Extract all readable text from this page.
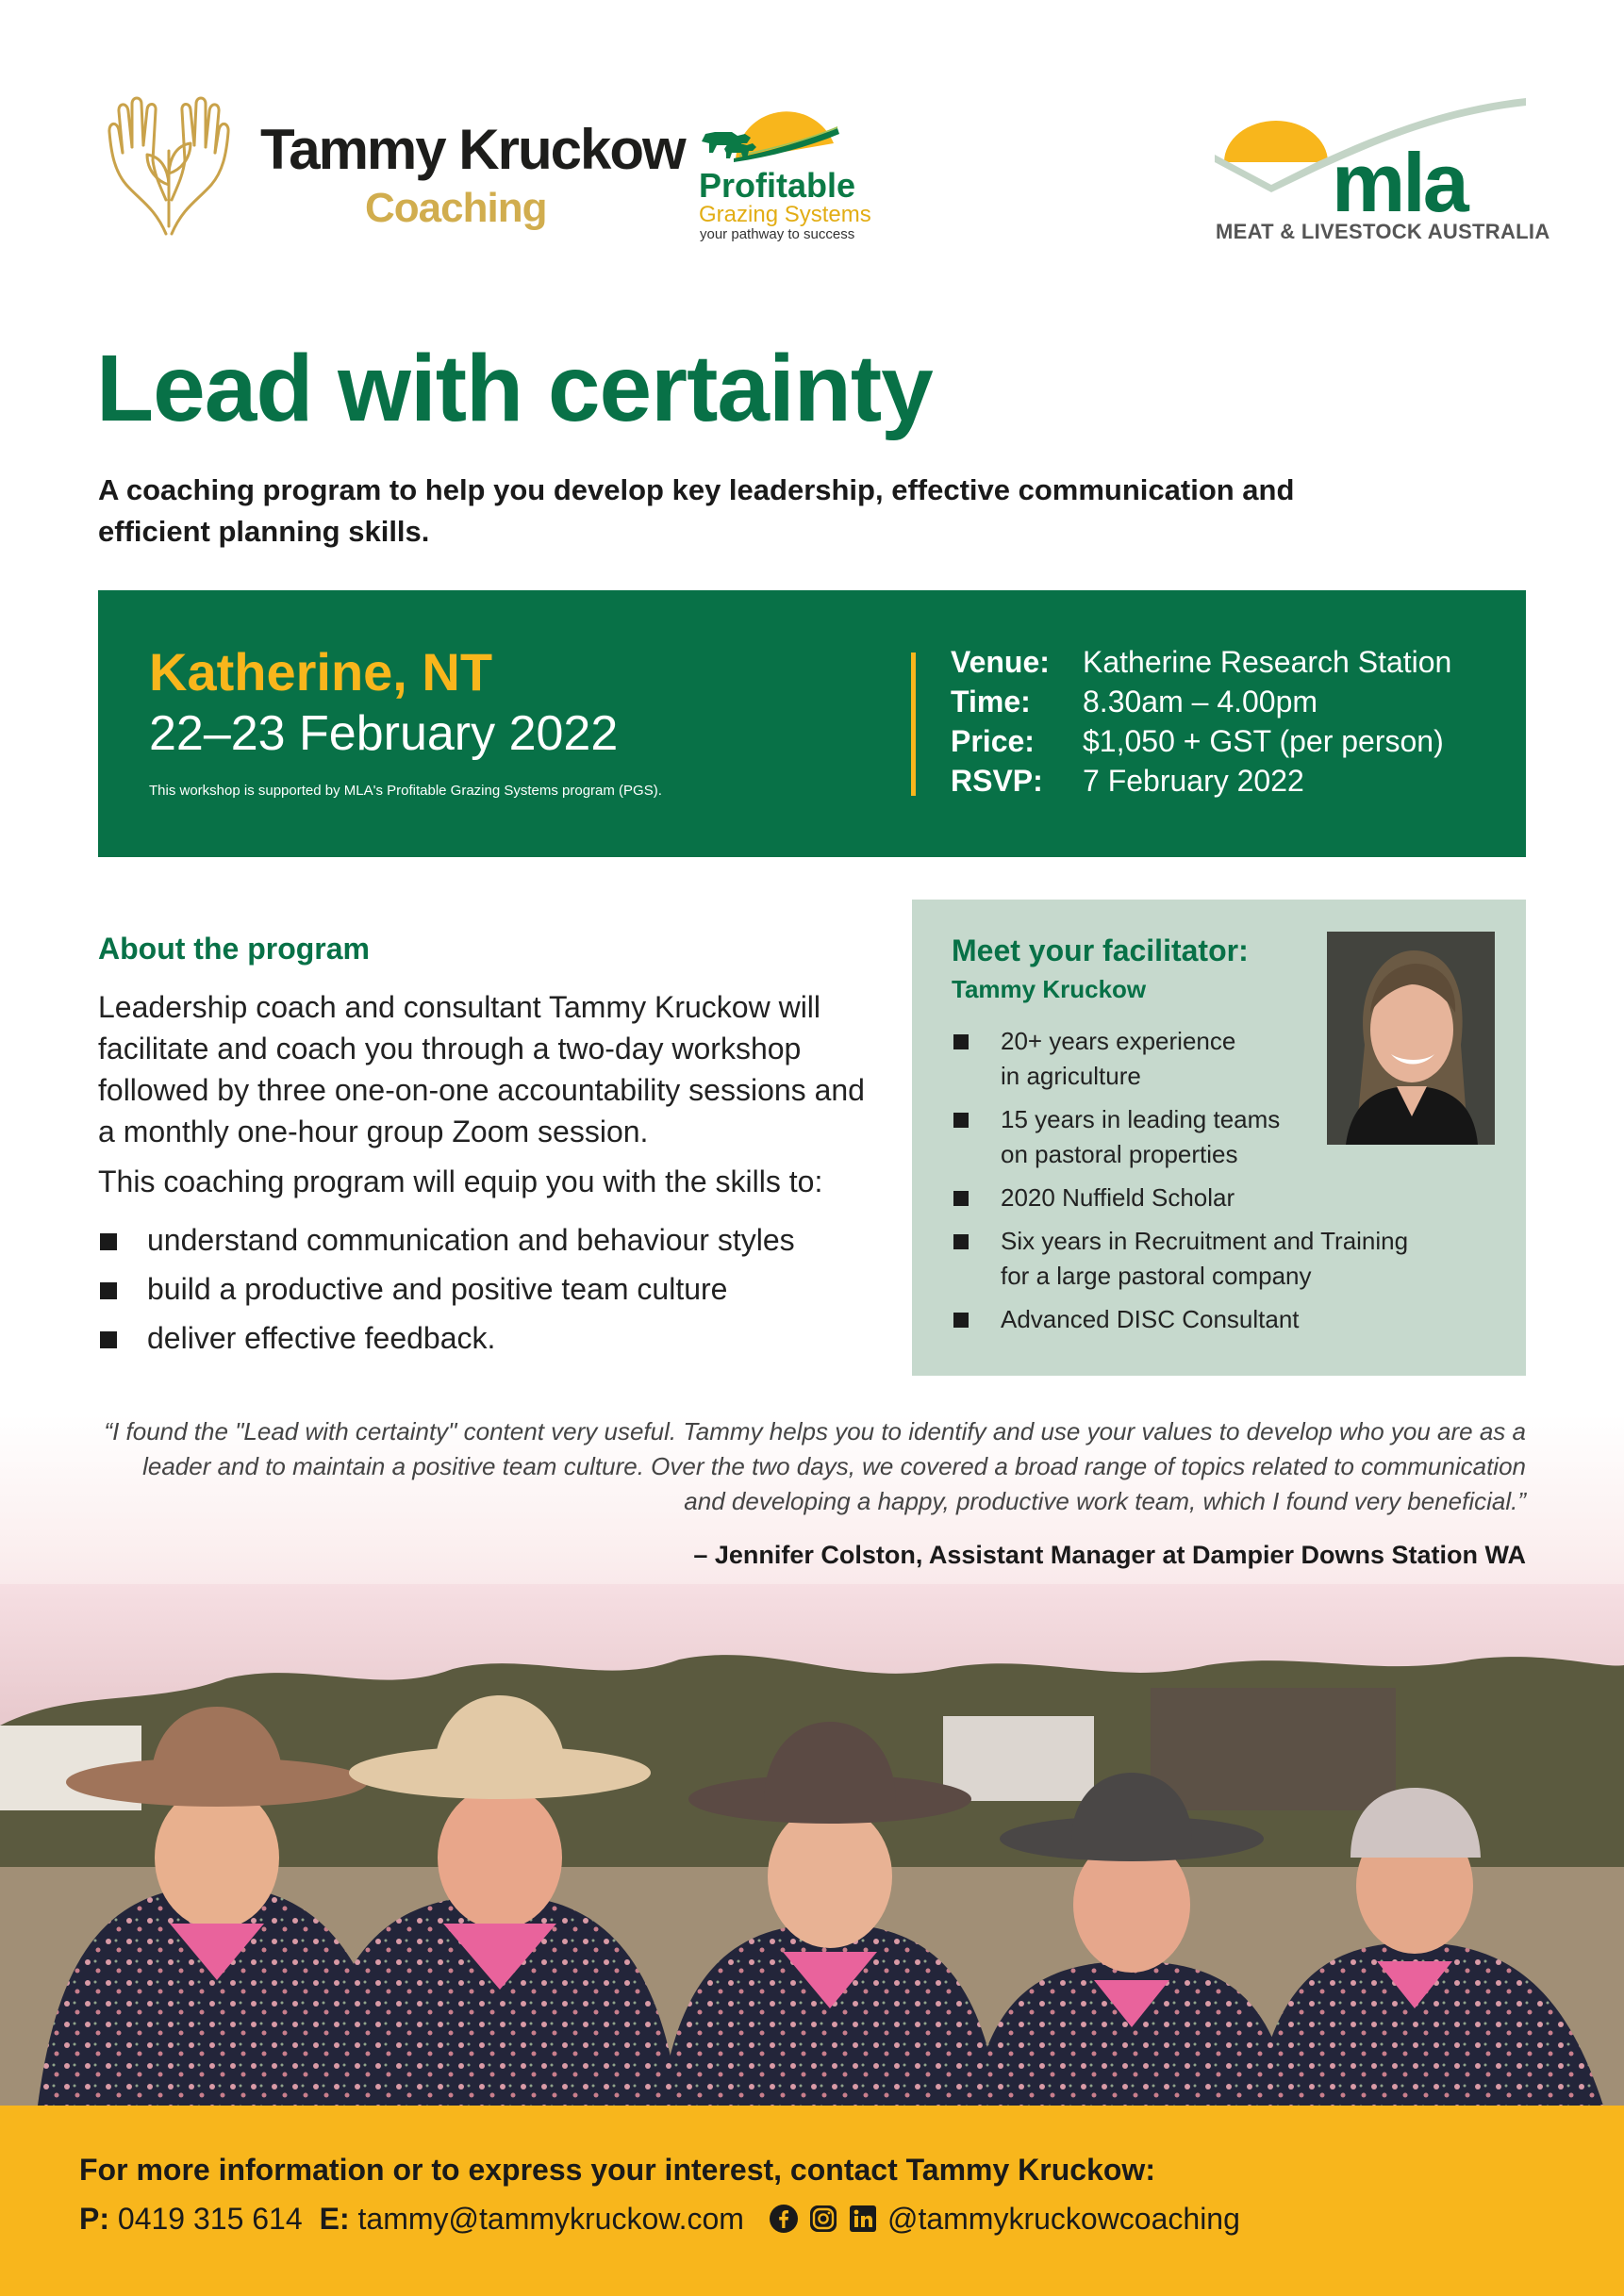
Tammy Kruckow
Coaching	Profitable
Grazing Systems
your pathway to success
mla
MEAT & LIVESTOCK AUSTRALIA
Lead with certainty

A coaching program to help you develop key leadership, effective communication and efficient planning skills.

Katherine, NT
22–23 February 2022
This workshop is supported by MLA's Profitable Grazing Systems program (PGS).
Venue: Katherine Research Station
Time: 8.30am – 4.00pm
Price: $1,050 + GST (per person)
RSVP: 7 February 2022
About the program

Leadership coach and consultant Tammy Kruckow will facilitate and coach you through a two-day workshop followed by three one-on-one accountability sessions and a monthly one-hour group Zoom session.

This coaching program will equip you with the skills to:
understand communication and behaviour styles
build a productive and positive team culture
deliver effective feedback.
Meet your facilitator:
Tammy Kruckow
20+ years experience
in agriculture
15 years in leading teams
on pastoral properties
2020 Nuffield Scholar
Six years in Recruitment and Training
for a large pastoral company
Advanced DISC Consultant

“I found the "Lead with certainty" content very useful. Tammy helps you to identify and use your values to develop who you are as a leader and to maintain a positive team culture. Over the two days, we covered a broad range of topics related to communication and developing a happy, productive work team, which I found very beneficial.”

– Jennifer Colston, Assistant Manager at Dampier Downs Station WA
For more information or to express your interest, contact Tammy Kruckow:
P:
0419 315 614 E:
tammy@tammykruckow.com	@tammykruckowcoaching
